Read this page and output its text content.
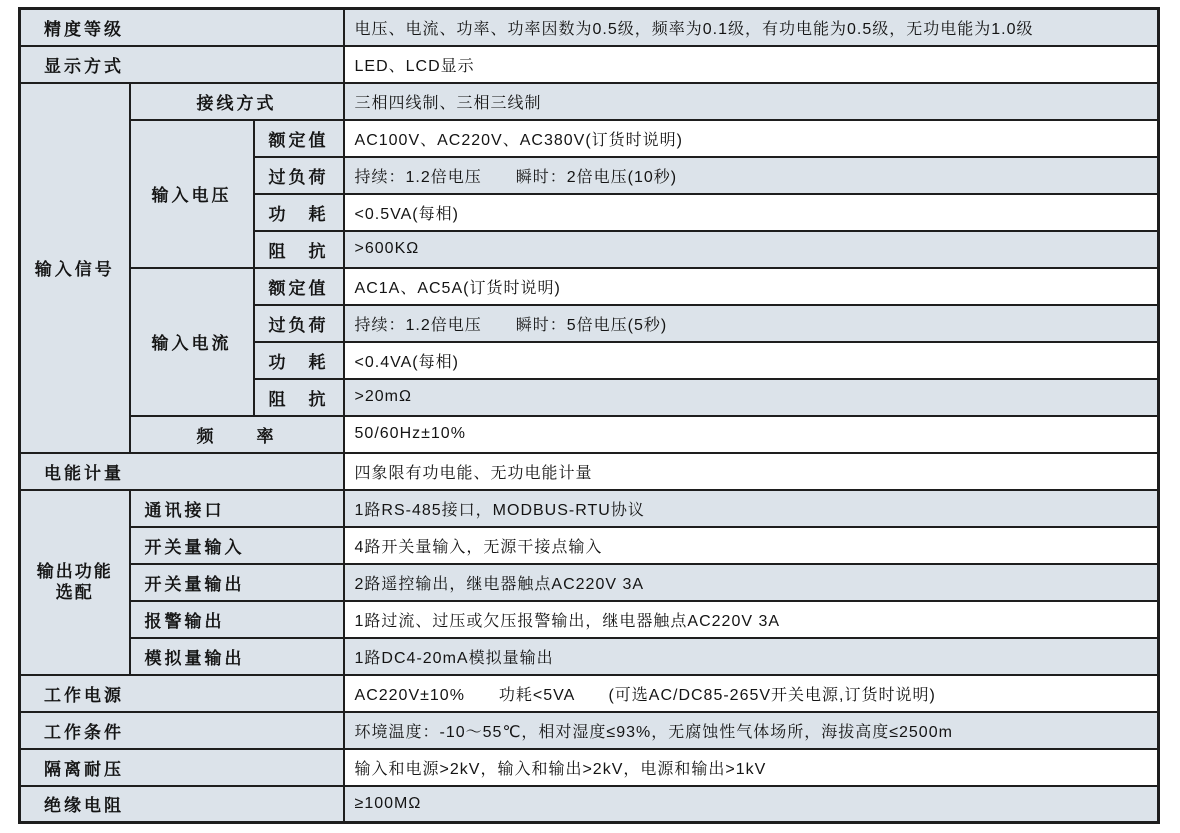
精度等级			电压、电流、功率、功率因数为0.5级，频率为0.1级，有功电能为0.5级，无功电能为1.0级
显示方式			LED、LCD显示
输入信号	接线方式		三相四线制、三相三线制
	输入电压	额定值	AC100V、AC220V、AC380V(订货时说明)
		过负荷	持续：1.2倍电压　　瞬时：2倍电压(10秒)
		功　耗	<0.5VA(每相)
		阻　抗	>600KΩ
	输入电流	额定值	AC1A、AC5A(订货时说明)
		过负荷	持续：1.2倍电压　　瞬时：5倍电压(5秒)
		功　耗	<0.4VA(每相)
		阻　抗	>20mΩ
	频　　率		50/60Hz±10%
电能计量			四象限有功电能、无功电能计量

输出功能
选配	通讯接口		1路RS-485接口，MODBUS-RTU协议
	开关量输入		4路开关量输入，无源干接点输入
	开关量输出		2路遥控输出，继电器触点AC220V 3A
	报警输出		1路过流、过压或欠压报警输出，继电器触点AC220V 3A
	模拟量输出		1路DC4-20mA模拟量输出
工作电源			AC220V±10%　　功耗<5VA　　(可选AC/DC85-265V开关电源,订货时说明)
工作条件			环境温度：-10～55℃，相对湿度≤93%，无腐蚀性气体场所，海拔高度≤2500m
隔离耐压			输入和电源>2kV，输入和输出>2kV，电源和输出>1kV
绝缘电阻			≥100MΩ
